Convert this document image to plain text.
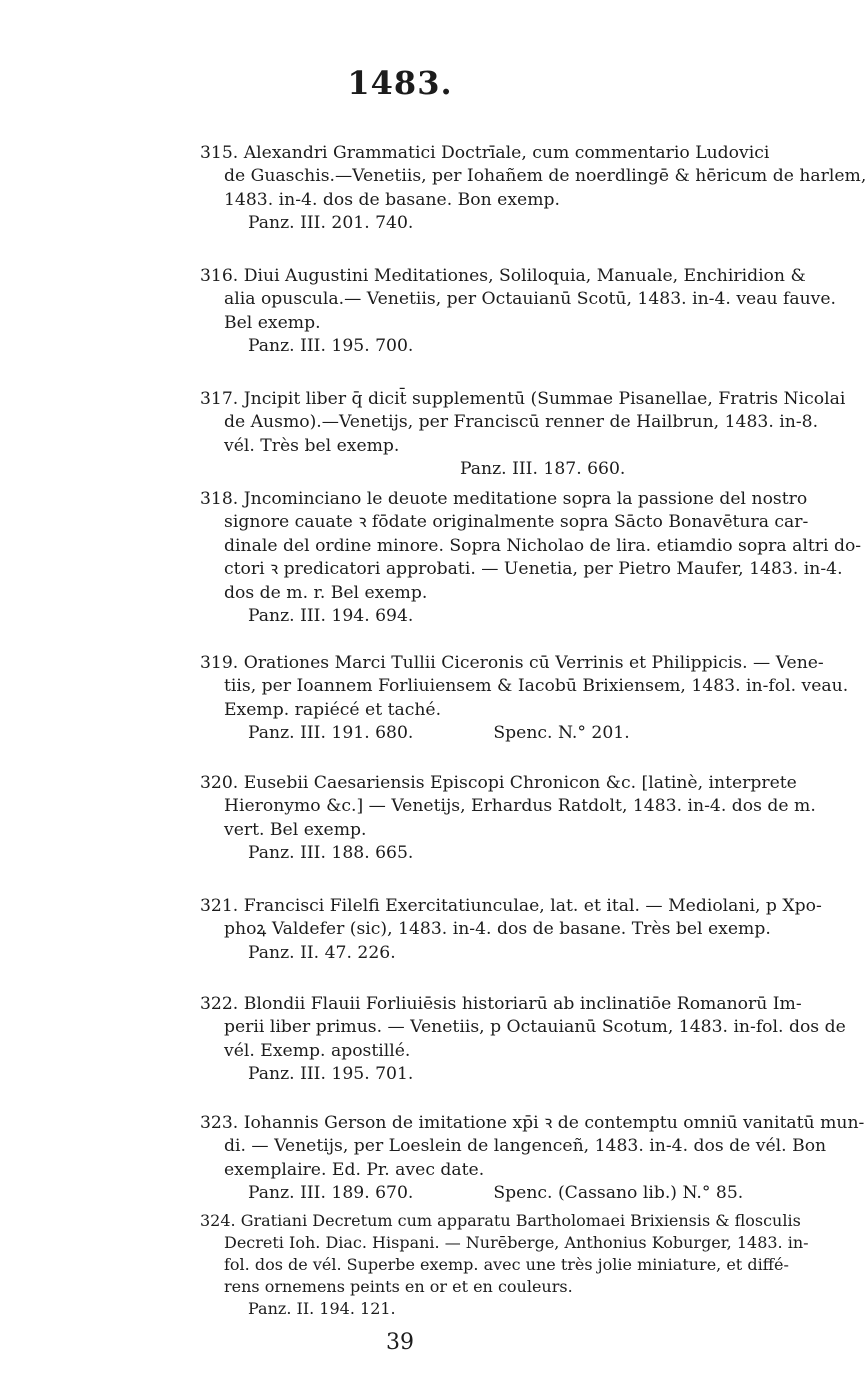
1483.
315. Alexandri Grammatici Doctrīale, cum commentario Ludovici
de Guaschis.—Venetiis, per Iohañem de noerdlingē & hēricum de harlem,
1483. in-4. dos de basane. Bon exemp.
Panz. III. 201. 740.
316. Diui Augustini Meditationes, Soliloquia, Manuale, Enchiridion &
alia opuscula.— Venetiis, per Octauianū Scotū, 1483. in-4. veau fauve.
Bel exemp.
Panz. III. 195. 700.
317. Jncipit liber q̄ dicit̄ supplementū (Summae Pisanellae, Fratris Nicolai
de Ausmo).—Venetijs, per Franciscū renner de Hailbrun, 1483. in-8.
vél. Très bel exemp.
Panz. III. 187. 660.
318. Jncominciano le deuote meditatione sopra la passione del nostro
signore cauate ꝛ fōdate originalmente sopra Sācto Bonavētura car-
dinale del ordine minore. Sopra Nicholao de lira. etiamdio sopra altri do-
ctori ꝛ predicatori approbati. — Uenetia, per Pietro Maufer, 1483. in-4.
dos de m. r. Bel exemp.
Panz. III. 194. 694.
319. Orationes Marci Tullii Ciceronis cū Verrinis et Philippicis. — Vene-
tiis, per Ioannem Forliuiensem & Iacobū Brixiensem, 1483. in-fol. veau.
Exemp. rapiécé et taché.
Panz. III. 191. 680.	Spenc. N.° 201.
320. Eusebii Caesariensis Episcopi Chronicon &c. [latinè, interprete
Hieronymo &c.] — Venetijs, Erhardus Ratdolt, 1483. in-4. dos de m.
vert. Bel exemp.
Panz. III. 188. 665.
321. Francisci Filelfi Exercitatiunculae, lat. et ital. — Mediolani, p Xpo-
phoꝝ Valdefer (sic), 1483. in-4. dos de basane. Très bel exemp.
Panz. II. 47. 226.
322. Blondii Flauii Forliuiēsis historiarū ab inclinatiōe Romanorū Im-
perii liber primus. — Venetiis, p Octauianū Scotum, 1483. in-fol. dos de
vél. Exemp. apostillé.
Panz. III. 195. 701.
323. Iohannis Gerson de imitatione xp̄i ꝛ de contemptu omniū vanitatū mun-
di. — Venetijs, per Loeslein de langenceñ, 1483. in-4. dos de vél. Bon
exemplaire. Ed. Pr. avec date.
Panz. III. 189. 670.	Spenc. (Cassano lib.) N.° 85.
324. Gratiani Decretum cum apparatu Bartholomaei Brixiensis & flosculis
Decreti Ioh. Diac. Hispani. — Nurēberge, Anthonius Koburger, 1483. in-
fol. dos de vél. Superbe exemp. avec une très jolie miniature, et diffé-
rens ornemens peints en or et en couleurs.
Panz. II. 194. 121.
39
